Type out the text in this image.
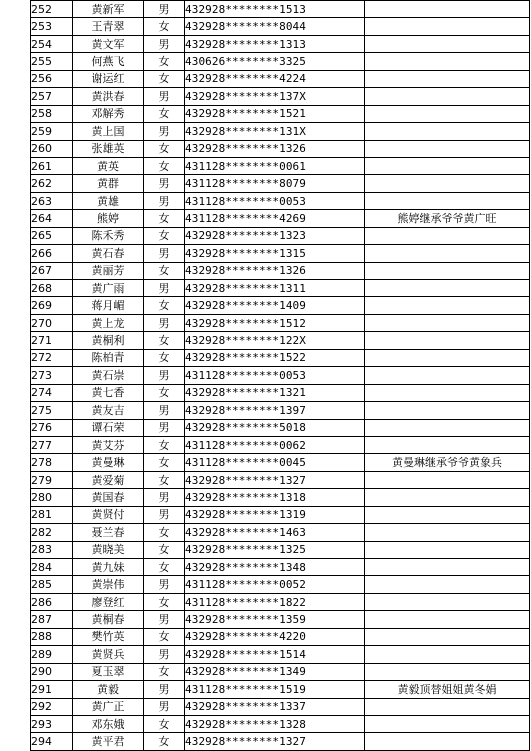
252	黄新军	男	432928********1513	
253	王青翠	女	432928********8044	
254	黄文军	男	432928********1313	
255	何燕飞	女	430626********3325	
256	谢运红	女	432928********4224	
257	黄洪春	男	432928********137X	
258	邓解秀	女	432928********1521	
259	黄上国	男	432928********131X	
260	张雄英	女	432928********1326	
261	黄英	女	431128********0061	
262	黄群	男	431128********8079	
263	黄雄	男	431128********0053	
264	熊婷	女	431128********4269	熊婷继承爷爷黄广旺
265	陈禾秀	女	432928********1323	
266	黄石春	男	432928********1315	
267	黄丽芳	女	432928********1326	
268	黄广雨	男	432928********1311	
269	蒋月嵋	女	432928********1409	
270	黄上龙	男	432928********1512	
271	黄桐利	女	432928********122X	
272	陈柏青	女	432928********1522	
273	黄石崇	男	431128********0053	
274	黄七香	女	432928********1321	
275	黄友吉	男	432928********1397	
276	谭石荣	男	432928********5018	
277	黄艾芬	女	431128********0062	
278	黄曼琳	女	431128********0045	黄曼琳继承爷爷黄象兵
279	黄爱菊	女	432928********1327	
280	黄国春	男	432928********1318	
281	黄贤付	男	432928********1319	
282	聂兰春	女	432928********1463	
283	黄晓美	女	432928********1325	
284	黄九妹	女	432928********1348	
285	黄崇伟	男	431128********0052	
286	廖登红	女	431128********1822	
287	黄桐春	男	432928********1359	
288	樊竹英	女	432928********4220	
289	黄贤兵	男	432928********1514	
290	夏玉翠	女	432928********1349	
291	黄毅	男	431128********1519	黄毅顶替姐姐黄冬娟
292	黄广正	男	432928********1337	
293	邓东娥	女	432928********1328	
294	黄平君	女	432928********1327	
